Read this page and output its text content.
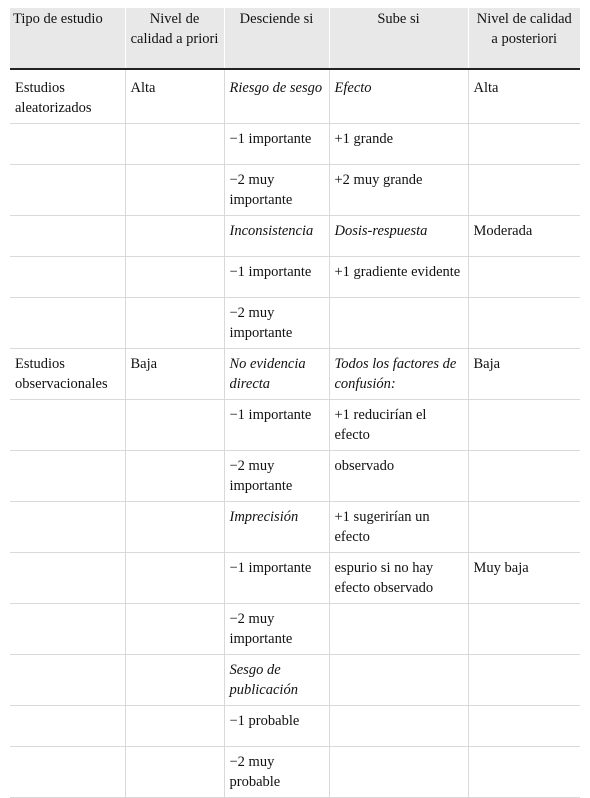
Tipo de estudio	Nivel de calidad a priori	Desciende si	Sube si	Nivel de calidad a posteriori
Estudios aleatorizados	Alta	Riesgo de sesgo	Efecto	Alta
		−1 importante	+1 grande	
		−2 muy importante	+2 muy grande	
		Inconsistencia	Dosis-respuesta	Moderada
		−1 importante	+1 gradiente evidente	
		−2 muy importante		
Estudios observacionales	Baja	No evidencia directa	Todos los factores de confusión:	Baja
		−1 importante	+1 reducirían el efecto	
		−2 muy importante	observado	
		Imprecisión	+1 sugerirían un efecto	
		−1 importante	espurio si no hay efecto observado	Muy baja
		−2 muy importante		
		Sesgo de publicación		
		−1 probable		
		−2 muy probable		
